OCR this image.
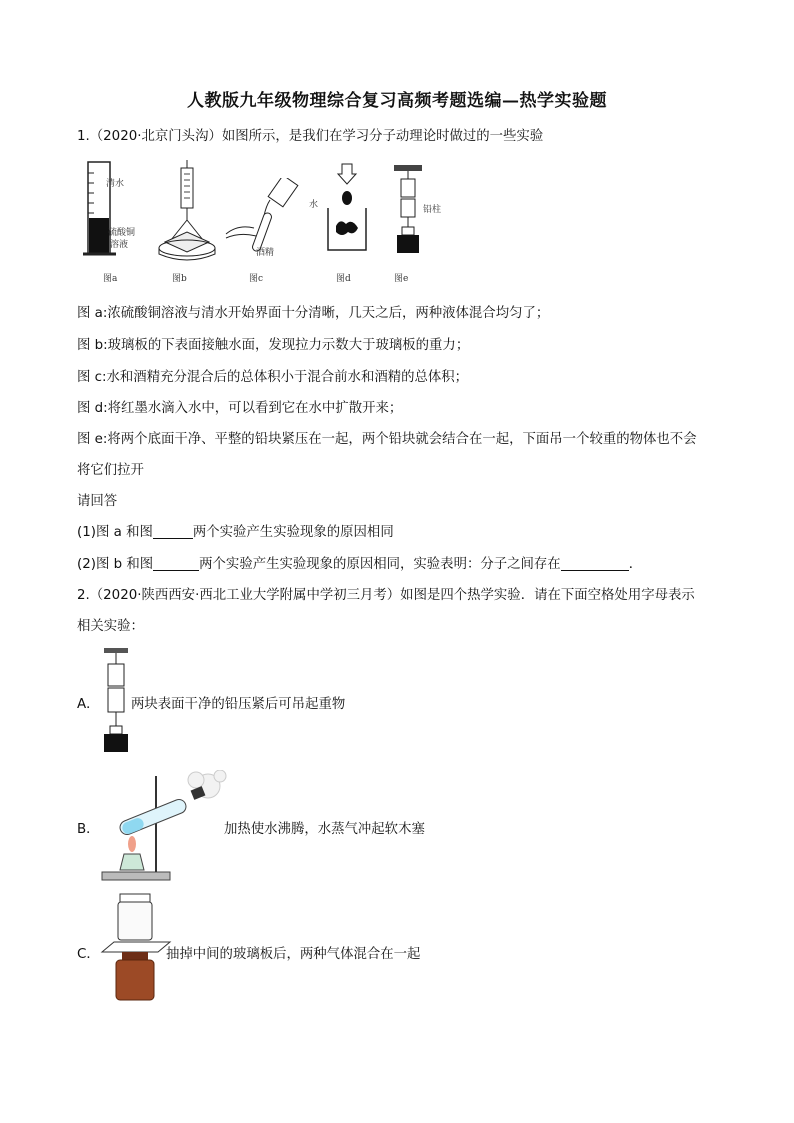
人教版九年级物理综合复习高频考题选编—热学实验题
1.（2020·北京门头沟）如图所示，是我们在学习分子动理论时做过的一些实验
清水
硫酸铜
溶液
酒精
水	铅柱
图a	图b	图c	图d	图e
图 a:浓硫酸铜溶液与清水开始界面十分清晰，几天之后，两种液体混合均匀了；
图 b:玻璃板的下表面接触水面，发现拉力示数大于玻璃板的重力；
图 c:水和酒精充分混合后的总体积小于混合前水和酒精的总体积；
图 d:将红墨水滴入水中，可以看到它在水中扩散开来；
图 e:将两个底面干净、平整的铅块紧压在一起，两个铅块就会结合在一起，下面吊一个较重的物体也不会
将它们拉开
请回答
(1)图 a 和图	两个实验产生实验现象的原因相同
(2)图 b 和图	两个实验产生实验现象的原因相同，实验表明：分子之间存在	．
2.（2020·陕西西安·西北工业大学附属中学初三月考）如图是四个热学实验．请在下面空格处用字母表示
相关实验：
A． 两块表面干净的铅压紧后可吊起重物
B．	加热使水沸腾，水蒸气冲起软木塞
C．	抽掉中间的玻璃板后，两种气体混合在一起
